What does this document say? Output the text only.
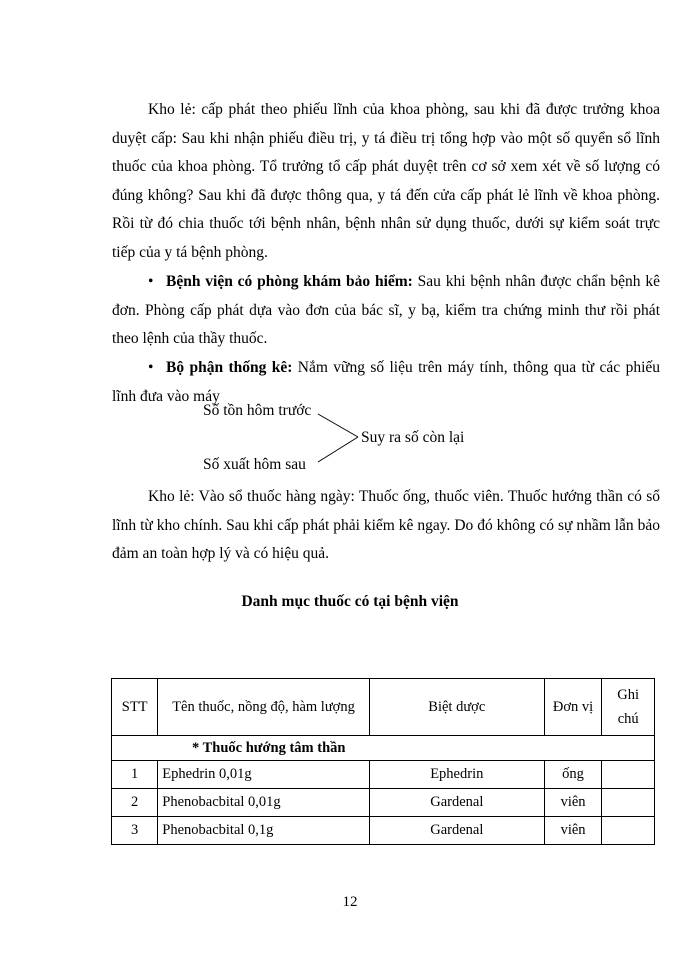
Kho lẻ: cấp phát theo phiếu lĩnh của khoa phòng, sau khi đã được trưởng khoa duyệt cấp: Sau khi nhận phiếu điều trị, y tá điều trị tổng hợp vào một số quyển sổ lĩnh thuốc của khoa phòng. Tổ trưởng tổ cấp phát duyệt trên cơ sở xem xét về số lượng có đúng không? Sau khi đã được thông qua, y tá đến cửa cấp phát lẻ lĩnh về khoa phòng. Rồi từ đó chia thuốc tới bệnh nhân, bệnh nhân sử dụng thuốc, dưới sự kiểm soát trực tiếp của y tá bệnh phòng.

• Bệnh viện có phòng khám bảo hiểm: Sau khi bệnh nhân được chẩn bệnh kê đơn. Phòng cấp phát dựa vào đơn của bác sĩ, y bạ, kiểm tra chứng minh thư rồi phát theo lệnh của thầy thuốc.

• Bộ phận thống kê: Nắm vững số liệu trên máy tính, thông qua từ các phiếu lĩnh đưa vào máy

Số tồn hôm trước
Số xuất hôm sau
Suy ra số còn lại

Kho lẻ: Vào sổ thuốc hàng ngày: Thuốc ống, thuốc viên. Thuốc hướng thần có sổ lĩnh từ kho chính. Sau khi cấp phát phải kiểm kê ngay. Do đó không có sự nhầm lẫn bảo đảm an toàn hợp lý và có hiệu quả.

Danh mục thuốc có tại bệnh viện
STT	Tên thuốc, nồng độ, hàm lượng	Biệt dược	Đơn vị	Ghi chú
* Thuốc hướng tâm thần				
1	Ephedrin 0,01g	Ephedrin	ống	
2	Phenobacbital 0,01g	Gardenal	viên	
3	Phenobacbital 0,1g	Gardenal	viên	
12
